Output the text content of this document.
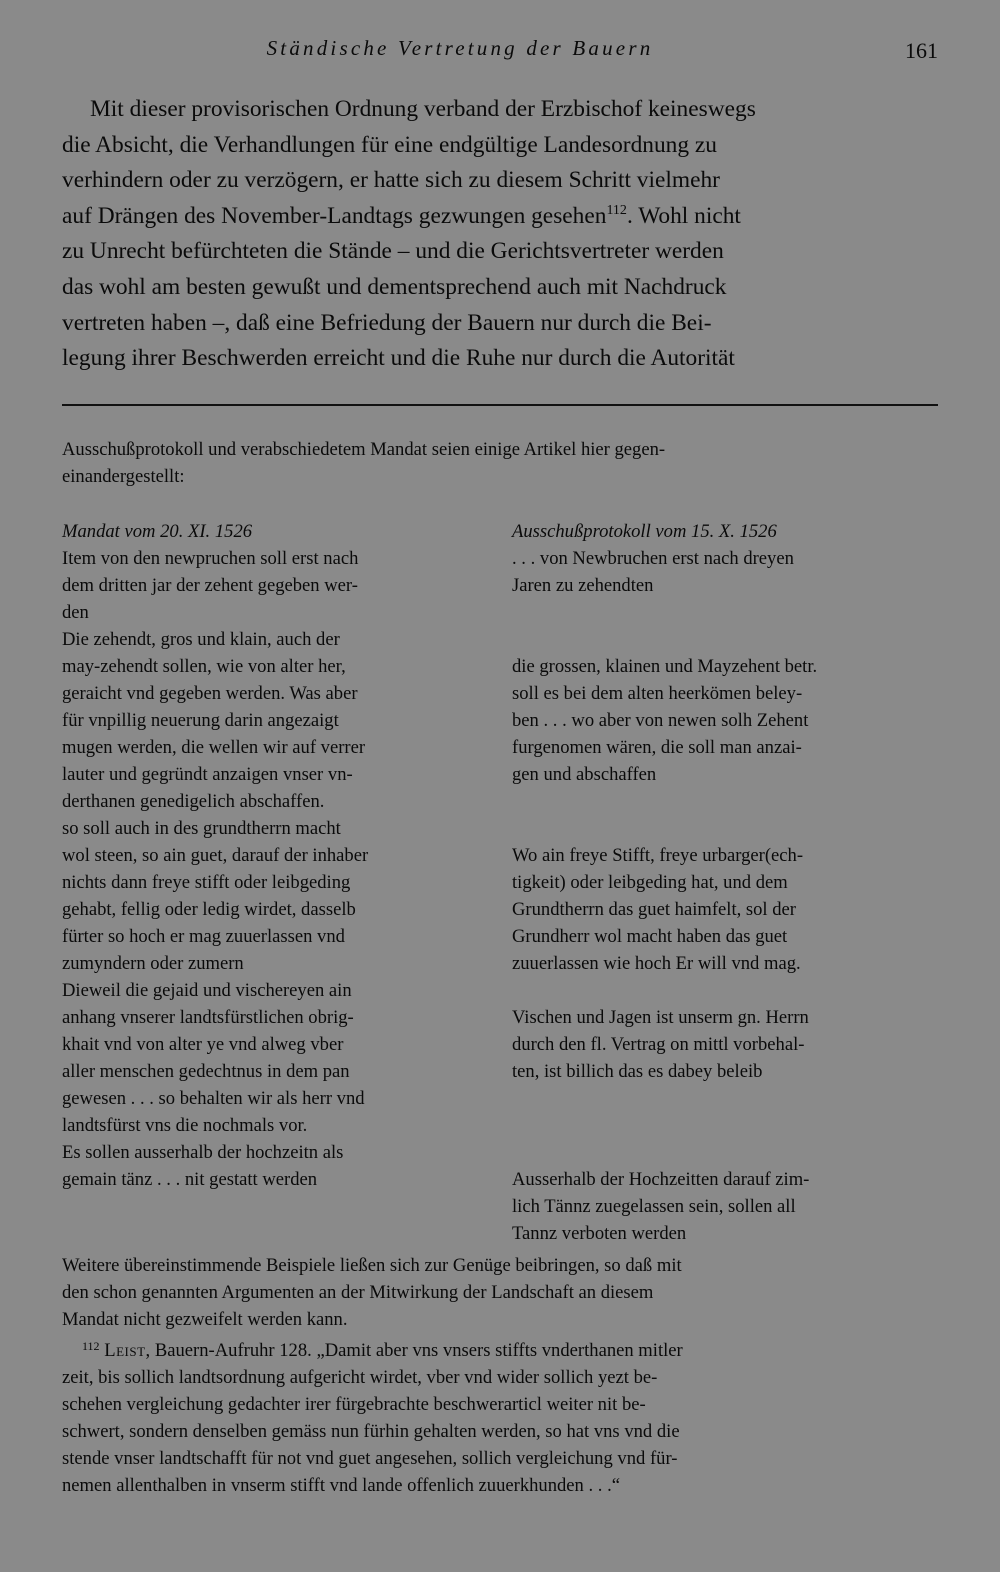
Ständische Vertretung der Bauern	161
Mit dieser provisorischen Ordnung verband der Erzbischof keineswegs
die Absicht, die Verhandlungen für eine endgültige Landesordnung zu
verhindern oder zu verzögern, er hatte sich zu diesem Schritt vielmehr
auf Drängen des November-Landtags gezwungen gesehen$^{112}$. Wohl nicht
zu Unrecht befürchteten die Stände – und die Gerichtsvertreter werden
das wohl am besten gewußt und dementsprechend auch mit Nachdruck
vertreten haben –, daß eine Befriedung der Bauern nur durch die Bei-
legung ihrer Beschwerden erreicht und die Ruhe nur durch die Autorität
Ausschußprotokoll und verabschiedetem Mandat seien einige Artikel hier gegen-
einandergestellt:
Mandat vom 20. XI. 1526
Item von den newpruchen soll erst nach
dem dritten jar der zehent gegeben wer-
den
Die zehendt, gros und klain, auch der
may-zehendt sollen, wie von alter her,
geraicht vnd gegeben werden. Was aber
für vnpillig neuerung darin angezaigt
mugen werden, die wellen wir auf verrer
lauter und gegründt anzaigen vnser vn-
derthanen genedigelich abschaffen.
so soll auch in des grundtherrn macht
wol steen, so ain guet, darauf der inhaber
nichts dann freye stifft oder leibgeding
gehabt, fellig oder ledig wirdet, dasselb
fürter so hoch er mag zuuerlassen vnd
zumyndern oder zumern
Dieweil die gejaid und vischereyen ain
anhang vnserer landtsfürstlichen obrig-
khait vnd von alter ye vnd alweg vber
aller menschen gedechtnus in dem pan
gewesen . . . so behalten wir als herr vnd
landtsfürst vns die nochmals vor.
Es sollen ausserhalb der hochzeitn als
gemain tänz . . . nit gestatt werden
Ausschußprotokoll vom 15. X. 1526
. . . von Newbruchen erst nach dreyen
Jaren zu zehendten
die grossen, klainen und Mayzehent betr.
soll es bei dem alten heerkömen beley-
ben . . . wo aber von newen solh Zehent
furgenomen wären, die soll man anzai-
gen und abschaffen
Wo ain freye Stifft, freye urbarger(ech-
tigkeit) oder leibgeding hat, und dem
Grundtherrn das guet haimfelt, sol der
Grundherr wol macht haben das guet
zuuerlassen wie hoch Er will vnd mag.
Vischen und Jagen ist unserm gn. Herrn
durch den fl. Vertrag on mittl vorbehal-
ten, ist billich das es dabey beleib
Ausserhalb der Hochzeitten darauf zim-
lich Tännz zuegelassen sein, sollen all
Tannz verboten werden
Weitere übereinstimmende Beispiele ließen sich zur Genüge beibringen, so daß mit
den schon genannten Argumenten an der Mitwirkung der Landschaft an diesem
Mandat nicht gezweifelt werden kann.
$^{112}$ Leist, Bauern-Aufruhr 128. „Damit aber vns vnsers stiffts vnderthanen mitler
zeit, bis sollich landtsordnung aufgericht wirdet, vber vnd wider sollich yezt be-
schehen vergleichung gedachter irer fürgebrachte beschwerarticl weiter nit be-
schwert, sondern denselben gemäss nun fürhin gehalten werden, so hat vns vnd die
stende vnser landtschafft für not vnd guet angesehen, sollich vergleichung vnd für-
nemen allenthalben in vnserm stifft vnd lande offenlich zuuerkhunden . . .“
